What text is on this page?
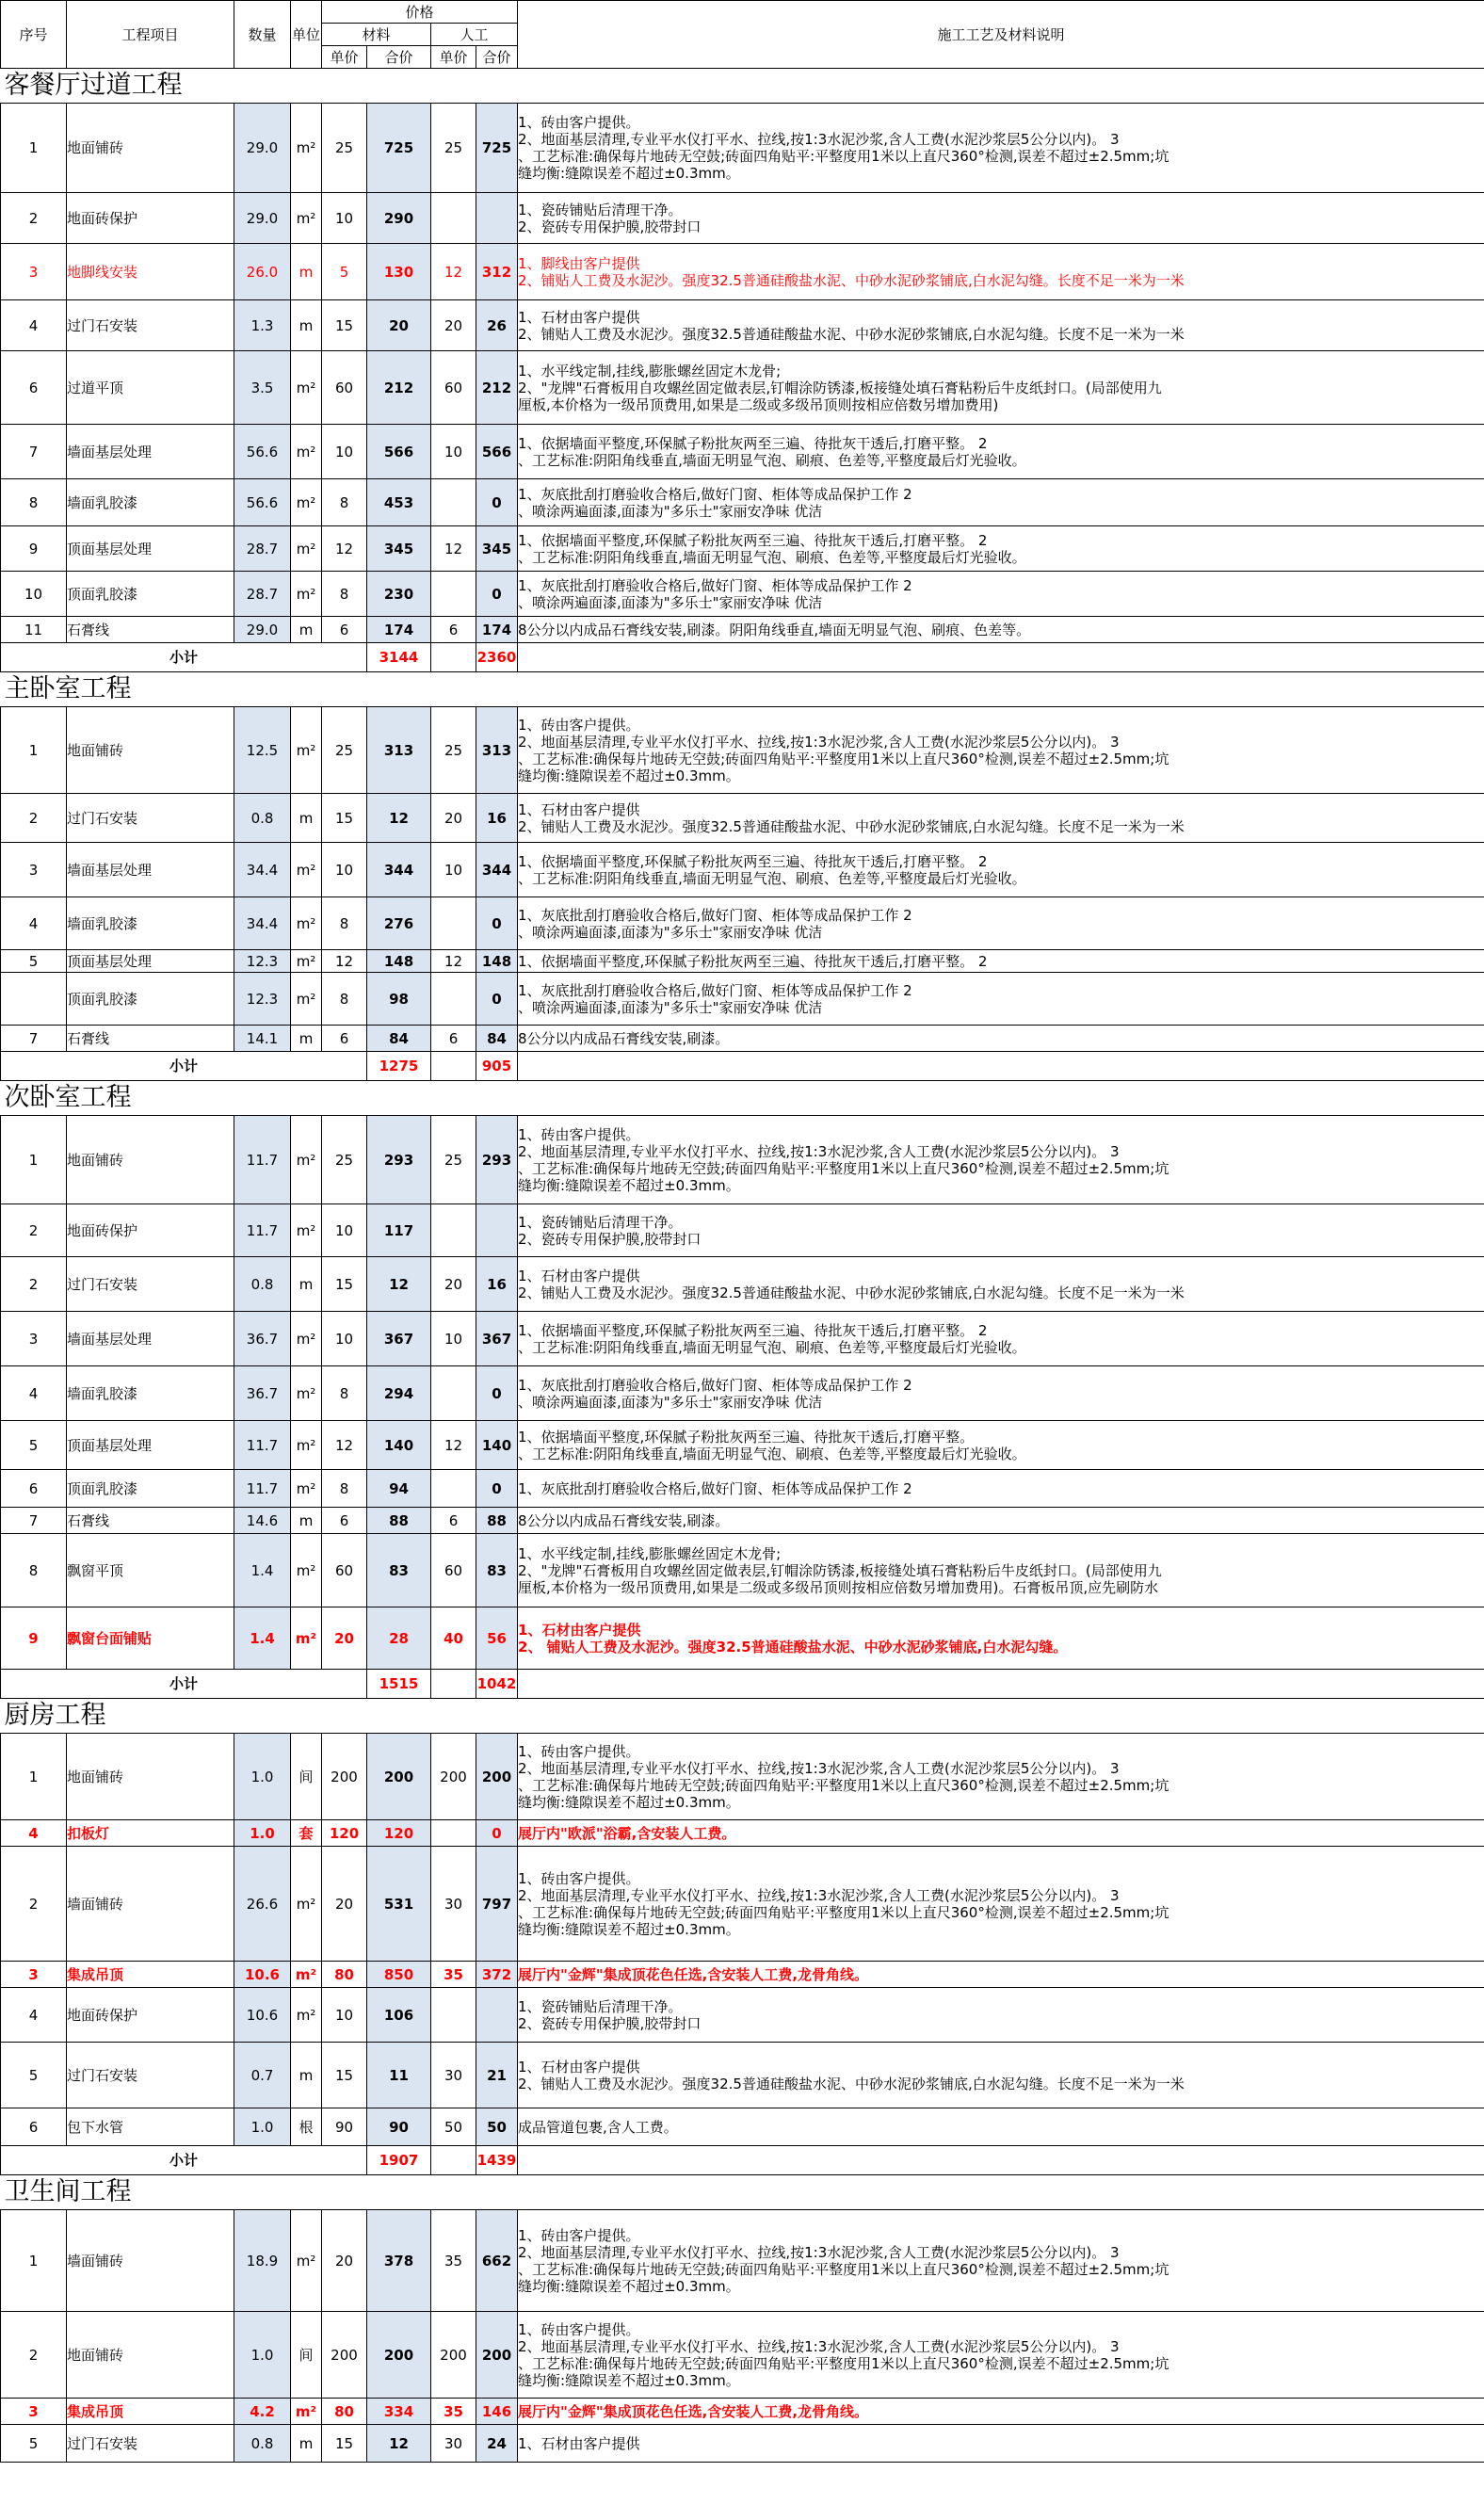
序号	工程项目	数量	单位	价格				施工工艺及材料说明
				材料		人工		
				单价	合价	单价	合价	
客餐厅过道工程								
1	地面铺砖	29.0	m²	25	725	25	725	1、砖由客户提供。
2、地面基层清理,专业平水仪打平水、拉线,按1:3水泥沙浆,含人工费(水泥沙浆层5公分以内)。 3
、工艺标准:确保每片地砖无空鼓;砖面四角贴平:平整度用1米以上直尺360°检测,误差不超过±2.5mm;坑
缝均衡:缝隙误差不超过±0.3mm。
2	地面砖保护	29.0	m²	10	290			1、瓷砖铺贴后清理干净。
2、瓷砖专用保护膜,胶带封口
3	地脚线安装	26.0	m	5	130	12	312	1、脚线由客户提供
2、铺贴人工费及水泥沙。强度32.5普通硅酸盐水泥、中砂水泥砂浆铺底,白水泥勾缝。长度不足一米为一米
4	过门石安装	1.3	m	15	20	20	26	1、石材由客户提供
2、铺贴人工费及水泥沙。强度32.5普通硅酸盐水泥、中砂水泥砂浆铺底,白水泥勾缝。长度不足一米为一米
6	过道平顶	3.5	m²	60	212	60	212	1、水平线定制,挂线,膨胀螺丝固定木龙骨;
2、"龙牌"石膏板用自攻螺丝固定做表层,钉帽涂防锈漆,板接缝处填石膏粘粉后牛皮纸封口。(局部使用九
厘板,本价格为一级吊顶费用,如果是二级或多级吊顶则按相应倍数另增加费用)
7	墙面基层处理	56.6	m²	10	566	10	566	1、依据墙面平整度,环保腻子粉批灰两至三遍、待批灰干透后,打磨平整。 2
、工艺标准:阴阳角线垂直,墙面无明显气泡、刷痕、色差等,平整度最后灯光验收。
8	墙面乳胶漆	56.6	m²	8	453		0	1、灰底批刮打磨验收合格后,做好门窗、柜体等成品保护工作 2
、喷涂两遍面漆,面漆为"多乐士"家丽安净味 优洁
9	顶面基层处理	28.7	m²	12	345	12	345	1、依据墙面平整度,环保腻子粉批灰两至三遍、待批灰干透后,打磨平整。 2
、工艺标准:阴阳角线垂直,墙面无明显气泡、刷痕、色差等,平整度最后灯光验收。
10	顶面乳胶漆	28.7	m²	8	230		0	1、灰底批刮打磨验收合格后,做好门窗、柜体等成品保护工作 2
、喷涂两遍面漆,面漆为"多乐士"家丽安净味 优洁
11	石膏线	29.0	m	6	174	6	174	8公分以内成品石膏线安装,刷漆。阴阳角线垂直,墙面无明显气泡、刷痕、色差等。
小计					3144		2360	
主卧室工程								
1	地面铺砖	12.5	m²	25	313	25	313	1、砖由客户提供。
2、地面基层清理,专业平水仪打平水、拉线,按1:3水泥沙浆,含人工费(水泥沙浆层5公分以内)。 3
、工艺标准:确保每片地砖无空鼓;砖面四角贴平:平整度用1米以上直尺360°检测,误差不超过±2.5mm;坑
缝均衡:缝隙误差不超过±0.3mm。
2	过门石安装	0.8	m	15	12	20	16	1、石材由客户提供
2、铺贴人工费及水泥沙。强度32.5普通硅酸盐水泥、中砂水泥砂浆铺底,白水泥勾缝。长度不足一米为一米
3	墙面基层处理	34.4	m²	10	344	10	344	1、依据墙面平整度,环保腻子粉批灰两至三遍、待批灰干透后,打磨平整。 2
、工艺标准:阴阳角线垂直,墙面无明显气泡、刷痕、色差等,平整度最后灯光验收。
4	墙面乳胶漆	34.4	m²	8	276		0	1、灰底批刮打磨验收合格后,做好门窗、柜体等成品保护工作 2
、喷涂两遍面漆,面漆为"多乐士"家丽安净味 优洁
5	顶面基层处理	12.3	m²	12	148	12	148	1、依据墙面平整度,环保腻子粉批灰两至三遍、待批灰干透后,打磨平整。 2
	顶面乳胶漆	12.3	m²	8	98		0	1、灰底批刮打磨验收合格后,做好门窗、柜体等成品保护工作 2
、喷涂两遍面漆,面漆为"多乐士"家丽安净味 优洁
7	石膏线	14.1	m	6	84	6	84	8公分以内成品石膏线安装,刷漆。
小计					1275		905	
次卧室工程								
1	地面铺砖	11.7	m²	25	293	25	293	1、砖由客户提供。
2、地面基层清理,专业平水仪打平水、拉线,按1:3水泥沙浆,含人工费(水泥沙浆层5公分以内)。 3
、工艺标准:确保每片地砖无空鼓;砖面四角贴平:平整度用1米以上直尺360°检测,误差不超过±2.5mm;坑
缝均衡:缝隙误差不超过±0.3mm。
2	地面砖保护	11.7	m²	10	117			1、瓷砖铺贴后清理干净。
2、瓷砖专用保护膜,胶带封口
2	过门石安装	0.8	m	15	12	20	16	1、石材由客户提供
2、铺贴人工费及水泥沙。强度32.5普通硅酸盐水泥、中砂水泥砂浆铺底,白水泥勾缝。长度不足一米为一米
3	墙面基层处理	36.7	m²	10	367	10	367	1、依据墙面平整度,环保腻子粉批灰两至三遍、待批灰干透后,打磨平整。 2
、工艺标准:阴阳角线垂直,墙面无明显气泡、刷痕、色差等,平整度最后灯光验收。
4	墙面乳胶漆	36.7	m²	8	294		0	1、灰底批刮打磨验收合格后,做好门窗、柜体等成品保护工作 2
、喷涂两遍面漆,面漆为"多乐士"家丽安净味 优洁
5	顶面基层处理	11.7	m²	12	140	12	140	1、依据墙面平整度,环保腻子粉批灰两至三遍、待批灰干透后,打磨平整。
、工艺标准:阴阳角线垂直,墙面无明显气泡、刷痕、色差等,平整度最后灯光验收。
6	顶面乳胶漆	11.7	m²	8	94		0	1、灰底批刮打磨验收合格后,做好门窗、柜体等成品保护工作 2
7	石膏线	14.6	m	6	88	6	88	8公分以内成品石膏线安装,刷漆。
8	飘窗平顶	1.4	m²	60	83	60	83	1、水平线定制,挂线,膨胀螺丝固定木龙骨;
2、"龙牌"石膏板用自攻螺丝固定做表层,钉帽涂防锈漆,板接缝处填石膏粘粉后牛皮纸封口。(局部使用九
厘板,本价格为一级吊顶费用,如果是二级或多级吊顶则按相应倍数另增加费用)。石膏板吊顶,应先刷防水
9	飘窗台面铺贴	1.4	m²	20	28	40	56	1、石材由客户提供
2、 铺贴人工费及水泥沙。强度32.5普通硅酸盐水泥、中砂水泥砂浆铺底,白水泥勾缝。
小计					1515		1042	
厨房工程								
1	地面铺砖	1.0	间	200	200	200	200	1、砖由客户提供。
2、地面基层清理,专业平水仪打平水、拉线,按1:3水泥沙浆,含人工费(水泥沙浆层5公分以内)。 3
、工艺标准:确保每片地砖无空鼓;砖面四角贴平:平整度用1米以上直尺360°检测,误差不超过±2.5mm;坑
缝均衡:缝隙误差不超过±0.3mm。
4	扣板灯	1.0	套	120	120		0	展厅内"欧派"浴霸,含安装人工费。
2	墙面铺砖	26.6	m²	20	531	30	797	1、砖由客户提供。
2、地面基层清理,专业平水仪打平水、拉线,按1:3水泥沙浆,含人工费(水泥沙浆层5公分以内)。 3
、工艺标准:确保每片地砖无空鼓;砖面四角贴平:平整度用1米以上直尺360°检测,误差不超过±2.5mm;坑
缝均衡:缝隙误差不超过±0.3mm。
3	集成吊顶	10.6	m²	80	850	35	372	展厅内"金辉"集成顶花色任选,含安装人工费,龙骨角线。
4	地面砖保护	10.6	m²	10	106			1、瓷砖铺贴后清理干净。
2、瓷砖专用保护膜,胶带封口
5	过门石安装	0.7	m	15	11	30	21	1、石材由客户提供
2、铺贴人工费及水泥沙。强度32.5普通硅酸盐水泥、中砂水泥砂浆铺底,白水泥勾缝。长度不足一米为一米
6	包下水管	1.0	根	90	90	50	50	成品管道包裹,含人工费。
小计					1907		1439	
卫生间工程								
1	墙面铺砖	18.9	m²	20	378	35	662	1、砖由客户提供。
2、地面基层清理,专业平水仪打平水、拉线,按1:3水泥沙浆,含人工费(水泥沙浆层5公分以内)。 3
、工艺标准:确保每片地砖无空鼓;砖面四角贴平:平整度用1米以上直尺360°检测,误差不超过±2.5mm;坑
缝均衡:缝隙误差不超过±0.3mm。
2	地面铺砖	1.0	间	200	200	200	200	1、砖由客户提供。
2、地面基层清理,专业平水仪打平水、拉线,按1:3水泥沙浆,含人工费(水泥沙浆层5公分以内)。 3
、工艺标准:确保每片地砖无空鼓;砖面四角贴平:平整度用1米以上直尺360°检测,误差不超过±2.5mm;坑
缝均衡:缝隙误差不超过±0.3mm。
3	集成吊顶	4.2	m²	80	334	35	146	展厅内"金辉"集成顶花色任选,含安装人工费,龙骨角线。
5	过门石安装	0.8	m	15	12	30	24	1、石材由客户提供
